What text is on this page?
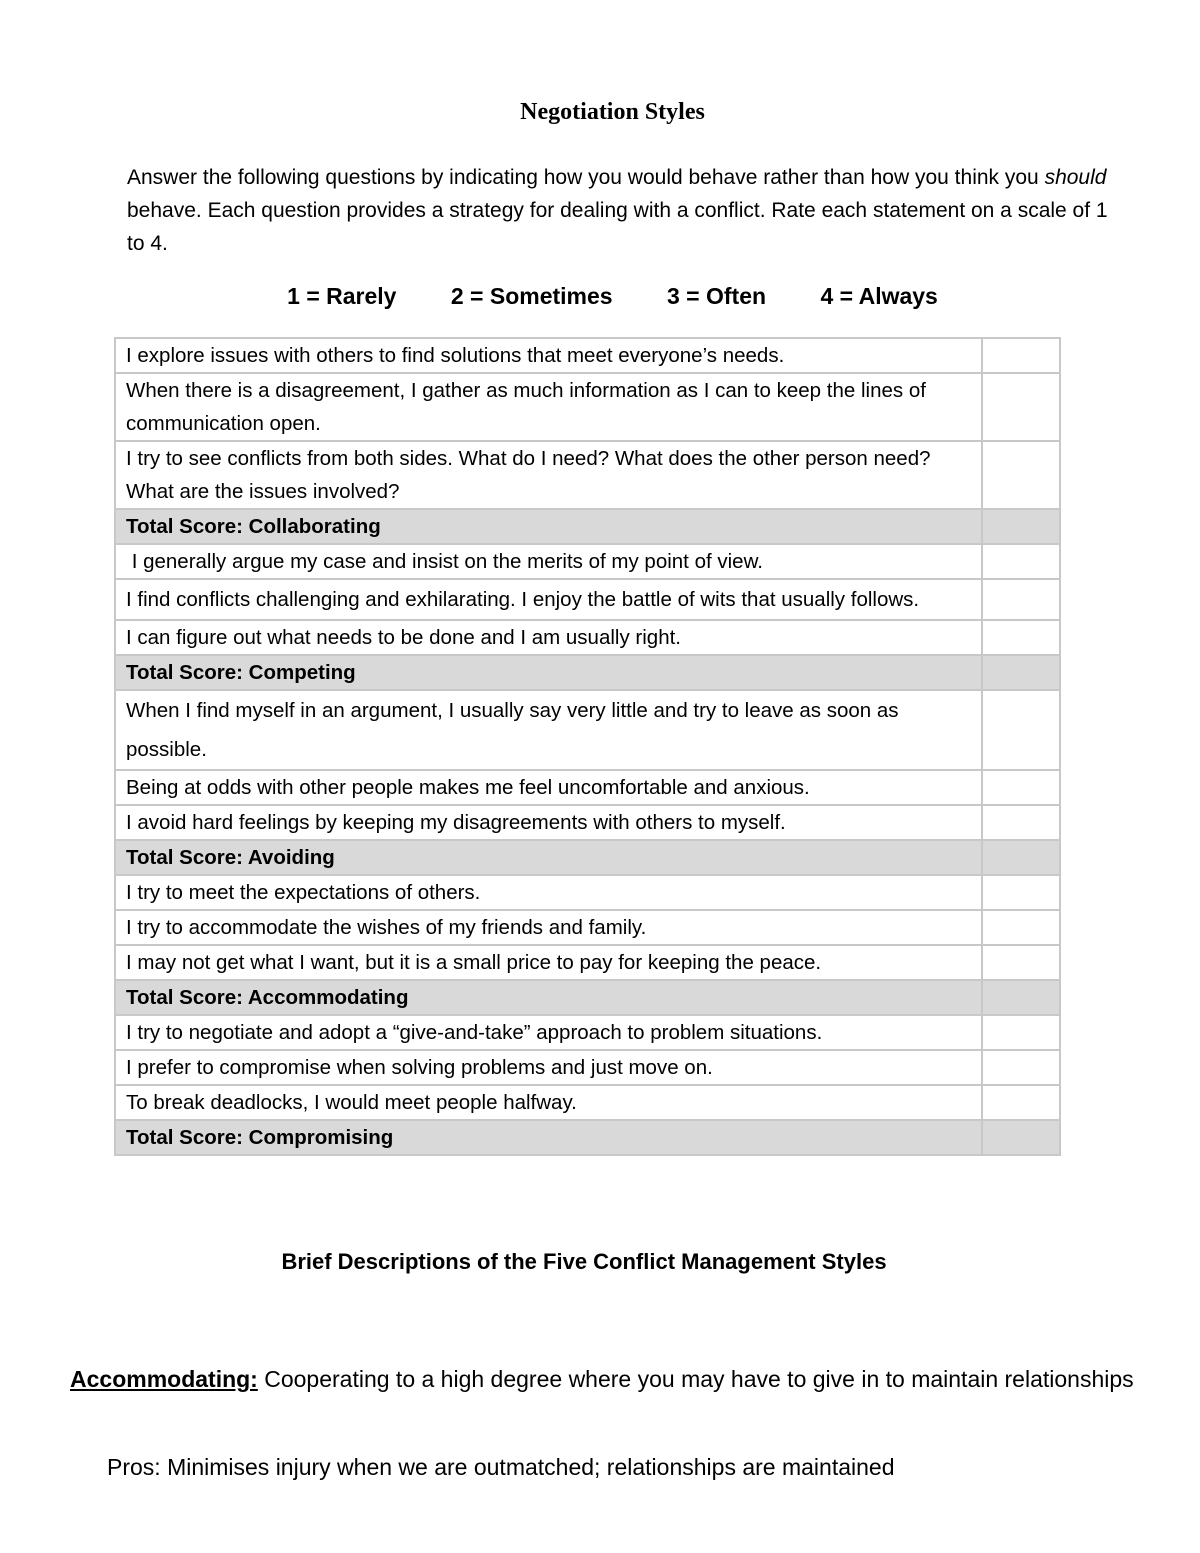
Negotiation Styles
Answer the following questions by indicating how you would behave rather than how you think you should behave. Each question provides a strategy for dealing with a conflict. Rate each statement on a scale of 1 to 4.
1 = Rarely 2 = Sometimes 3 = Often 4 = Always
I explore issues with others to find solutions that meet everyone’s needs.	
When there is a disagreement, I gather as much information as I can to keep the lines of communication open.	
I try to see conflicts from both sides. What do I need? What does the other person need? What are the issues involved?	
Total Score: Collaborating	
I generally argue my case and insist on the merits of my point of view.	
I find conflicts challenging and exhilarating. I enjoy the battle of wits that usually follows.	
I can figure out what needs to be done and I am usually right.	
Total Score: Competing	
When I find myself in an argument, I usually say very little and try to leave as soon as possible.	
Being at odds with other people makes me feel uncomfortable and anxious.	
I avoid hard feelings by keeping my disagreements with others to myself.	
Total Score: Avoiding	
I try to meet the expectations of others.	
I try to accommodate the wishes of my friends and family.	
I may not get what I want, but it is a small price to pay for keeping the peace.	
Total Score: Accommodating	
I try to negotiate and adopt a “give-and-take” approach to problem situations.	
I prefer to compromise when solving problems and just move on.	
To break deadlocks, I would meet people halfway.	
Total Score: Compromising	
Brief Descriptions of the Five Conflict Management Styles
Accommodating: Cooperating to a high degree where you may have to give in to maintain relationships
Pros: Minimises injury when we are outmatched; relationships are maintained
